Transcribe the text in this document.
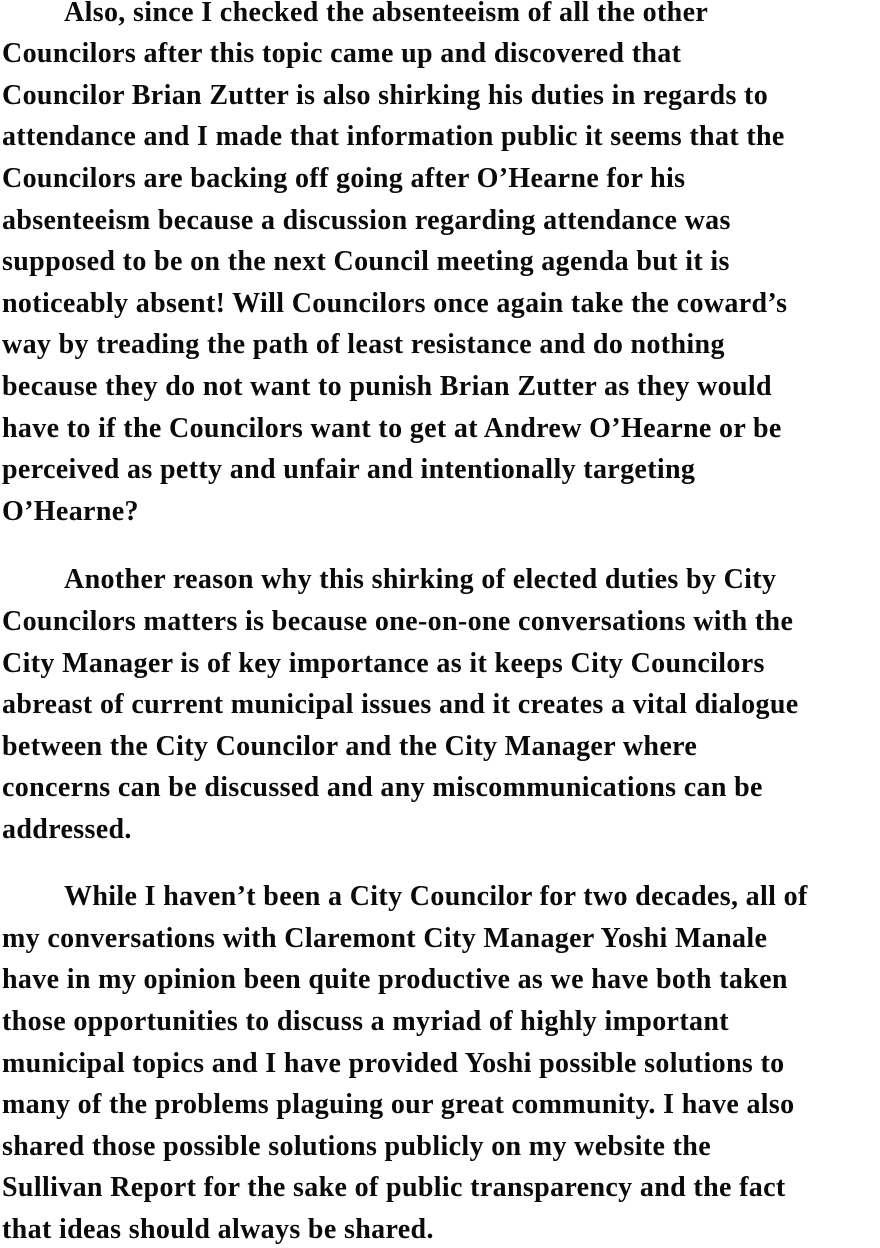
Also, since I checked the absenteeism of all the other

Councilors after this topic came up and discovered that

Councilor Brian Zutter is also shirking his duties in regards to

attendance and I made that information public it seems that the

Councilors are backing off going after O’Hearne for his

absenteeism because a discussion regarding attendance was

supposed to be on the next Council meeting agenda but it is

noticeably absent! Will Councilors once again take the coward’s

way by treading the path of least resistance and do nothing

because they do not want to punish Brian Zutter as they would

have to if the Councilors want to get at Andrew O’Hearne or be

perceived as petty and unfair and intentionally targeting

O’Hearne?

Another reason why this shirking of elected duties by City

Councilors matters is because one-on-one conversations with the

City Manager is of key importance as it keeps City Councilors

abreast of current municipal issues and it creates a vital dialogue

between the City Councilor and the City Manager where

concerns can be discussed and any miscommunications can be

addressed.

While I haven’t been a City Councilor for two decades, all of

my conversations with Claremont City Manager Yoshi Manale

have in my opinion been quite productive as we have both taken

those opportunities to discuss a myriad of highly important

municipal topics and I have provided Yoshi possible solutions to

many of the problems plaguing our great community. I have also

shared those possible solutions publicly on my website the

Sullivan Report for the sake of public transparency and the fact

that ideas should always be shared.
